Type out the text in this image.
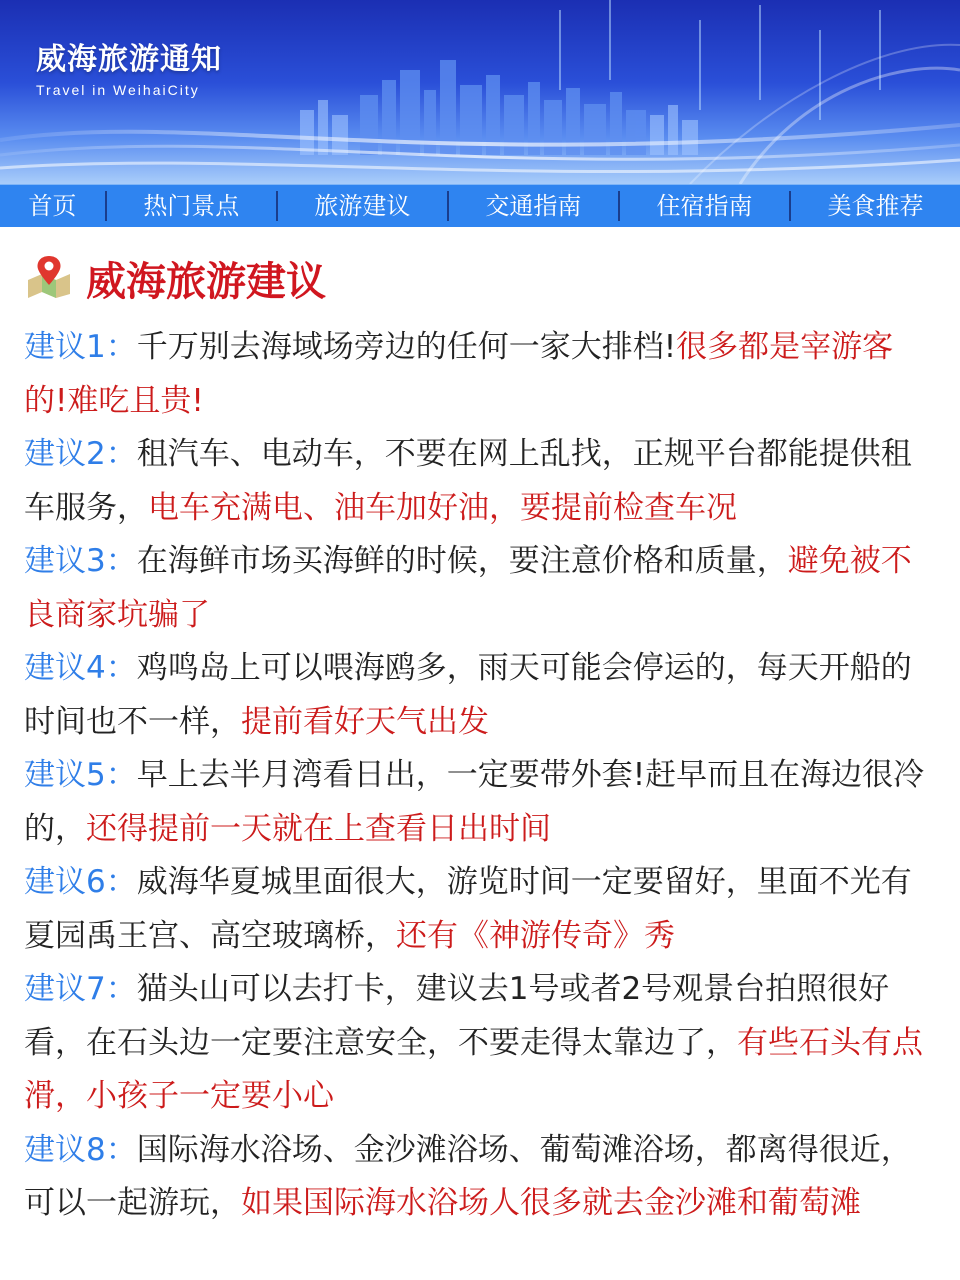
威海旅游通知
Travel in WeihaiCity
首页	热门景点	旅游建议	交通指南	住宿指南	美食推荐
威海旅游建议
建议1：千万别去海域场旁边的任何一家大排档!很多都是宰游客的!难吃且贵!
建议2：租汽车、电动车，不要在网上乱找，正规平台都能提供租车服务，电车充满电、油车加好油，要提前检查车况
建议3：在海鲜市场买海鲜的时候，要注意价格和质量，避免被不良商家坑骗了
建议4：鸡鸣岛上可以喂海鸥多，雨天可能会停运的，每天开船的时间也不一样，提前看好天气出发
建议5：早上去半月湾看日出，一定要带外套!赶早而且在海边很冷的，还得提前一天就在上查看日出时间
建议6：威海华夏城里面很大，游览时间一定要留好，里面不光有夏园禹王宫、高空玻璃桥，还有《神游传奇》秀
建议7：猫头山可以去打卡，建议去1号或者2号观景台拍照很好看，在石头边一定要注意安全，不要走得太靠边了，有些石头有点滑，小孩子一定要小心
建议8：国际海水浴场、金沙滩浴场、葡萄滩浴场，都离得很近，可以一起游玩，如果国际海水浴场人很多就去金沙滩和葡萄滩
